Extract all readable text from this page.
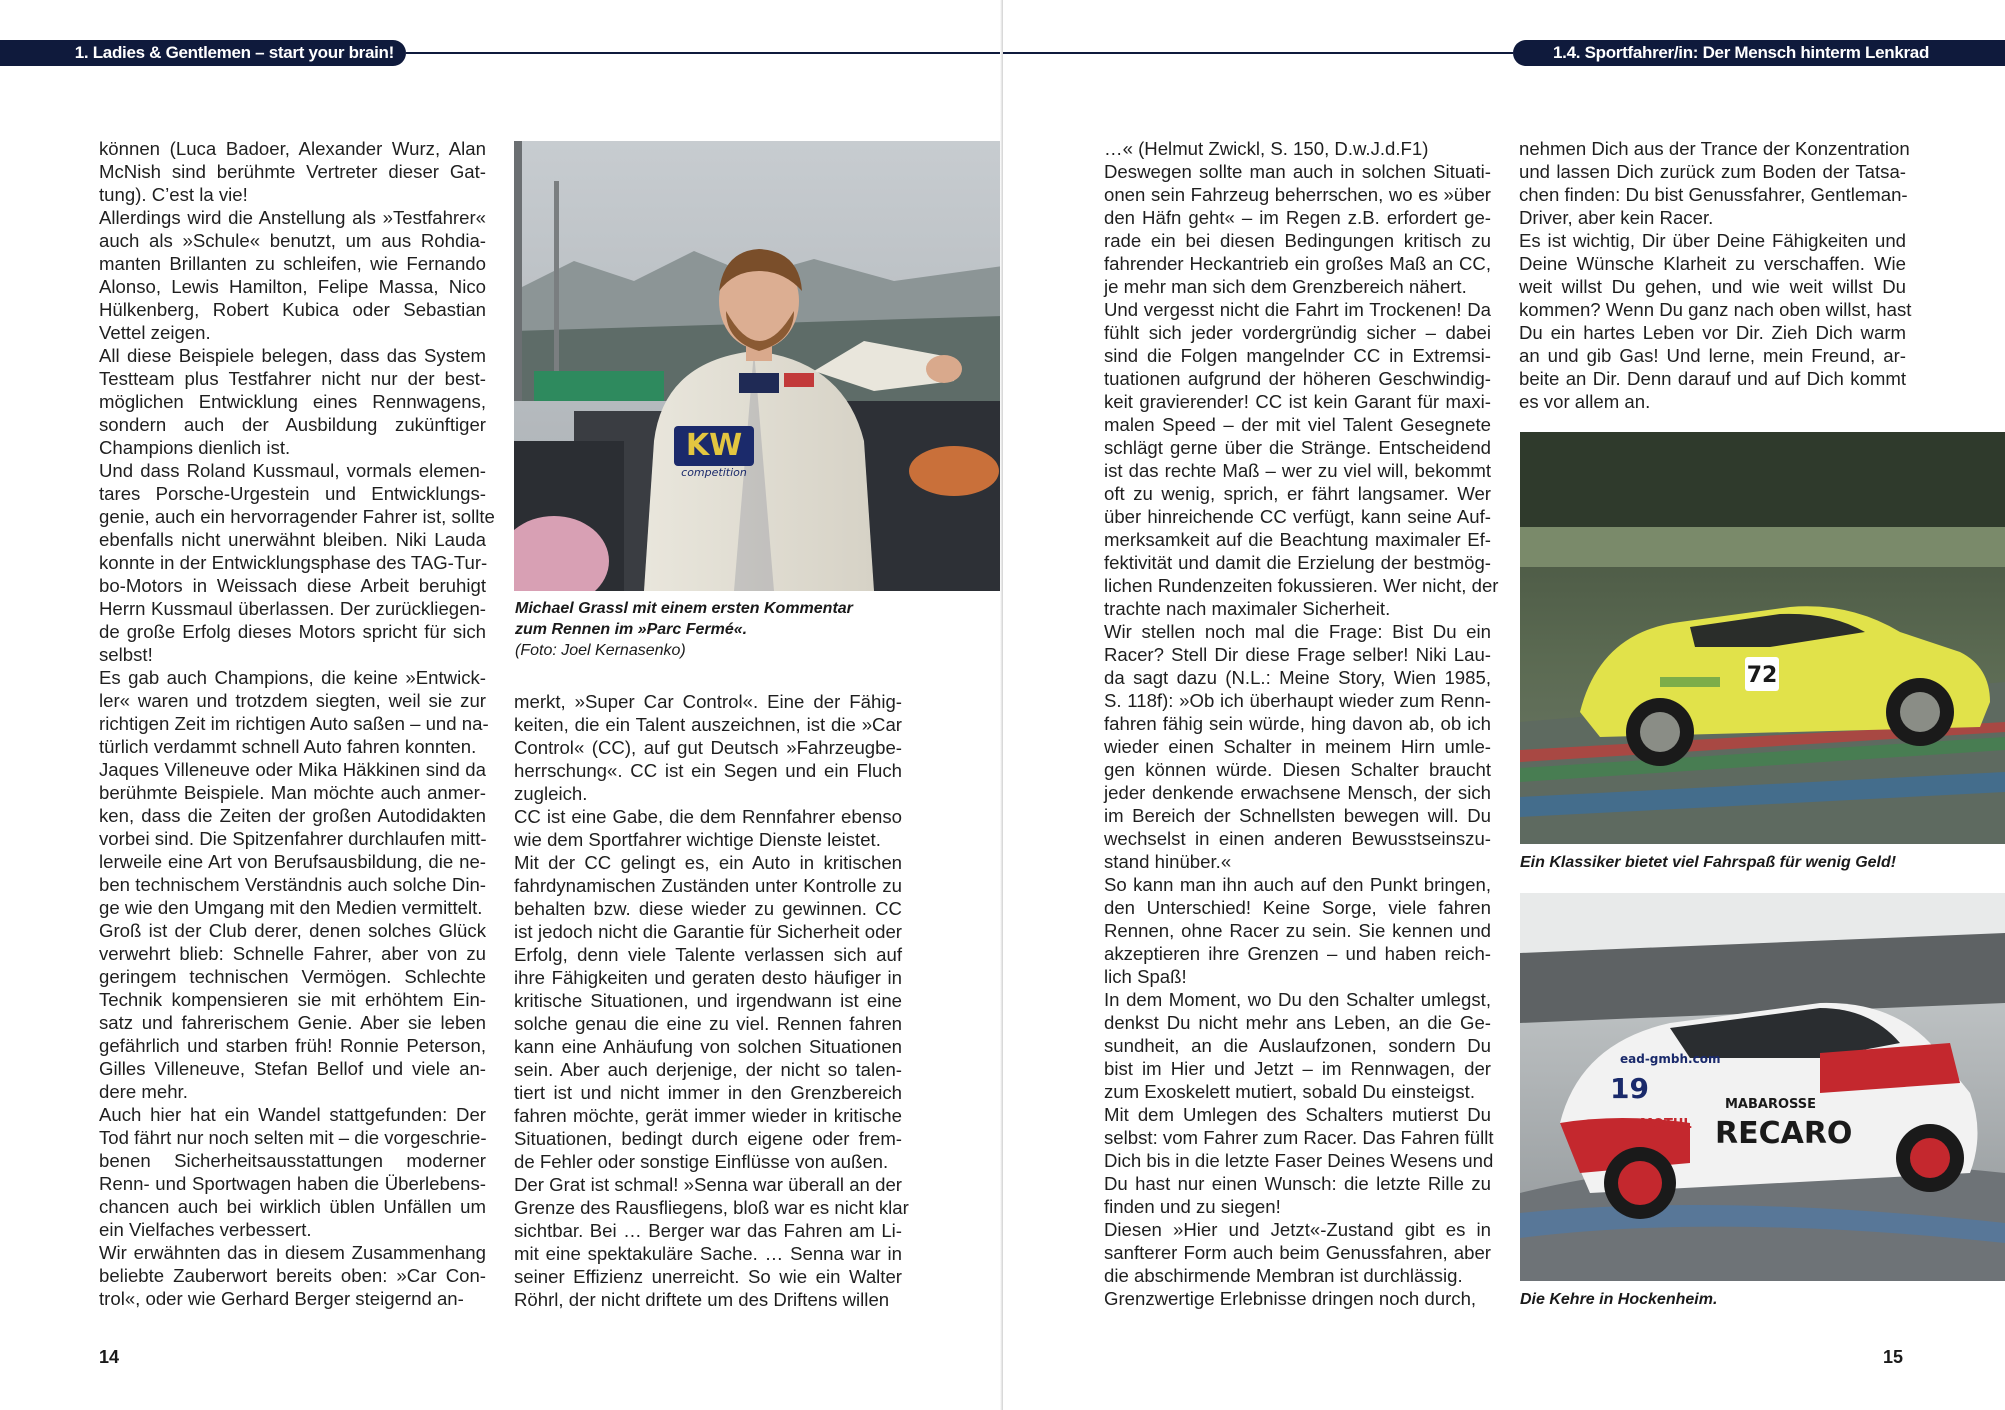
1. Ladies & Gentlemen – start your brain!
können (Luca Badoer, Alexander Wurz, Alan
McNish sind berühmte Vertreter dieser Gat-
tung). C’est la vie!
Allerdings wird die Anstellung als »Testfahrer«
auch als »Schule« benutzt, um aus Rohdia-
manten Brillanten zu schleifen, wie Fernando
Alonso, Lewis Hamilton, Felipe Massa, Nico
Hülkenberg, Robert Kubica oder Sebastian
Vettel zeigen.
All diese Beispiele belegen, dass das System
Testteam plus Testfahrer nicht nur der best-
möglichen Entwicklung eines Rennwagens,
sondern auch der Ausbildung zukünftiger
Champions dienlich ist.
Und dass Roland Kussmaul, vormals elemen-
tares Porsche-Urgestein und Entwicklungs-
genie, auch ein hervorragender Fahrer ist, sollte
ebenfalls nicht unerwähnt bleiben. Niki Lauda
konnte in der Entwicklungsphase des TAG-Tur-
bo-Motors in Weissach diese Arbeit beruhigt
Herrn Kussmaul überlassen. Der zurückliegen-
de große Erfolg dieses Motors spricht für sich
selbst!
Es gab auch Champions, die keine »Entwick-
ler« waren und trotzdem siegten, weil sie zur
richtigen Zeit im richtigen Auto saßen – und na-
türlich verdammt schnell Auto fahren konnten.
Jaques Villeneuve oder Mika Häkkinen sind da
berühmte Beispiele. Man möchte auch anmer-
ken, dass die Zeiten der großen Autodidakten
vorbei sind. Die Spitzenfahrer durchlaufen mitt-
lerweile eine Art von Berufsausbildung, die ne-
ben technischem Verständnis auch solche Din-
ge wie den Umgang mit den Medien vermittelt.
Groß ist der Club derer, denen solches Glück
verwehrt blieb: Schnelle Fahrer, aber von zu
geringem technischen Vermögen. Schlechte
Technik kompensieren sie mit erhöhtem Ein-
satz und fahrerischem Genie. Aber sie leben
gefährlich und starben früh! Ronnie Peterson,
Gilles Villeneuve, Stefan Bellof und viele an-
dere mehr.
Auch hier hat ein Wandel stattgefunden: Der
Tod fährt nur noch selten mit – die vorgeschrie-
benen Sicherheitsausstattungen moderner
Renn- und Sportwagen haben die Überlebens-
chancen auch bei wirklich üblen Unfällen um
ein Vielfaches verbessert.
Wir erwähnten das in diesem Zusammenhang
beliebte Zauberwort bereits oben: »Car Con-
trol«, oder wie Gerhard Berger steigernd an-
KW
competition
Michael Grassl mit einem ersten Kommentar
zum Rennen im »Parc Fermé«.
(Foto: Joel Kernasenko)
merkt, »Super Car Control«. Eine der Fähig-
keiten, die ein Talent auszeichnen, ist die »Car
Control« (CC), auf gut Deutsch »Fahrzeugbe-
herrschung«. CC ist ein Segen und ein Fluch
zugleich.
CC ist eine Gabe, die dem Rennfahrer ebenso
wie dem Sportfahrer wichtige Dienste leistet.
Mit der CC gelingt es, ein Auto in kritischen
fahrdynamischen Zuständen unter Kontrolle zu
behalten bzw. diese wieder zu gewinnen. CC
ist jedoch nicht die Garantie für Sicherheit oder
Erfolg, denn viele Talente verlassen sich auf
ihre Fähigkeiten und geraten desto häufiger in
kritische Situationen, und irgendwann ist eine
solche genau die eine zu viel. Rennen fahren
kann eine Anhäufung von solchen Situationen
sein. Aber auch derjenige, der nicht so talen-
tiert ist und nicht immer in den Grenzbereich
fahren möchte, gerät immer wieder in kritische
Situationen, bedingt durch eigene oder frem-
de Fehler oder sonstige Einflüsse von außen.
Der Grat ist schmal! »Senna war überall an der
Grenze des Rausfliegens, bloß war es nicht klar
sichtbar. Bei … Berger war das Fahren am Li-
mit eine spektakuläre Sache. … Senna war in
seiner Effizienz unerreicht. So wie ein Walter
Röhrl, der nicht driftete um des Driftens willen
14
1.4. Sportfahrer/in: Der Mensch hinterm Lenkrad
…« (Helmut Zwickl, S. 150, D.w.J.d.F1)
Deswegen sollte man auch in solchen Situati-
onen sein Fahrzeug beherrschen, wo es »über
den Häfn geht« – im Regen z.B. erfordert ge-
rade ein bei diesen Bedingungen kritisch zu
fahrender Heckantrieb ein großes Maß an CC,
je mehr man sich dem Grenzbereich nähert.
Und vergesst nicht die Fahrt im Trockenen! Da
fühlt sich jeder vordergründig sicher – dabei
sind die Folgen mangelnder CC in Extremsi-
tuationen aufgrund der höheren Geschwindig-
keit gravierender! CC ist kein Garant für maxi-
malen Speed – der mit viel Talent Gesegnete
schlägt gerne über die Stränge. Entscheidend
ist das rechte Maß – wer zu viel will, bekommt
oft zu wenig, sprich, er fährt langsamer. Wer
über hinreichende CC verfügt, kann seine Auf-
merksamkeit auf die Beachtung maximaler Ef-
fektivität und damit die Erzielung der bestmög-
lichen Rundenzeiten fokussieren. Wer nicht, der
trachte nach maximaler Sicherheit.
Wir stellen noch mal die Frage: Bist Du ein
Racer? Stell Dir diese Frage selber! Niki Lau-
da sagt dazu (N.L.: Meine Story, Wien 1985,
S. 118f): »Ob ich überhaupt wieder zum Renn-
fahren fähig sein würde, hing davon ab, ob ich
wieder einen Schalter in meinem Hirn umle-
gen können würde. Diesen Schalter braucht
jeder denkende erwachsene Mensch, der sich
im Bereich der Schnellsten bewegen will. Du
wechselst in einen anderen Bewusstseinszu-
stand hinüber.«
So kann man ihn auch auf den Punkt bringen,
den Unterschied! Keine Sorge, viele fahren
Rennen, ohne Racer zu sein. Sie kennen und
akzeptieren ihre Grenzen – und haben reich-
lich Spaß!
In dem Moment, wo Du den Schalter umlegst,
denkst Du nicht mehr ans Leben, an die Ge-
sundheit, an die Auslaufzonen, sondern Du
bist im Hier und Jetzt – im Rennwagen, der
zum Exoskelett mutiert, sobald Du einsteigst.
Mit dem Umlegen des Schalters mutierst Du
selbst: vom Fahrer zum Racer. Das Fahren füllt
Dich bis in die letzte Faser Deines Wesens und
Du hast nur einen Wunsch: die letzte Rille zu
finden und zu siegen!
Diesen »Hier und Jetzt«-Zustand gibt es in
sanfterer Form auch beim Genussfahren, aber
die abschirmende Membran ist durchlässig.
Grenzwertige Erlebnisse dringen noch durch,
nehmen Dich aus der Trance der Konzentration
und lassen Dich zurück zum Boden der Tatsa-
chen finden: Du bist Genussfahrer, Gentleman-
Driver, aber kein Racer.
Es ist wichtig, Dir über Deine Fähigkeiten und
Deine Wünsche Klarheit zu verschaffen. Wie
weit willst Du gehen, und wie weit willst Du
kommen? Wenn Du ganz nach oben willst, hast
Du ein hartes Leben vor Dir. Zieh Dich warm
an und gib Gas! Und lerne, mein Freund, ar-
beite an Dir. Denn darauf und auf Dich kommt
es vor allem an.
72
Ein Klassiker bietet viel Fahrspaß für wenig Geld!
19
RECARO
MOTUL
MABAROSSE
ead-gmbh.com
Die Kehre in Hockenheim.
15
